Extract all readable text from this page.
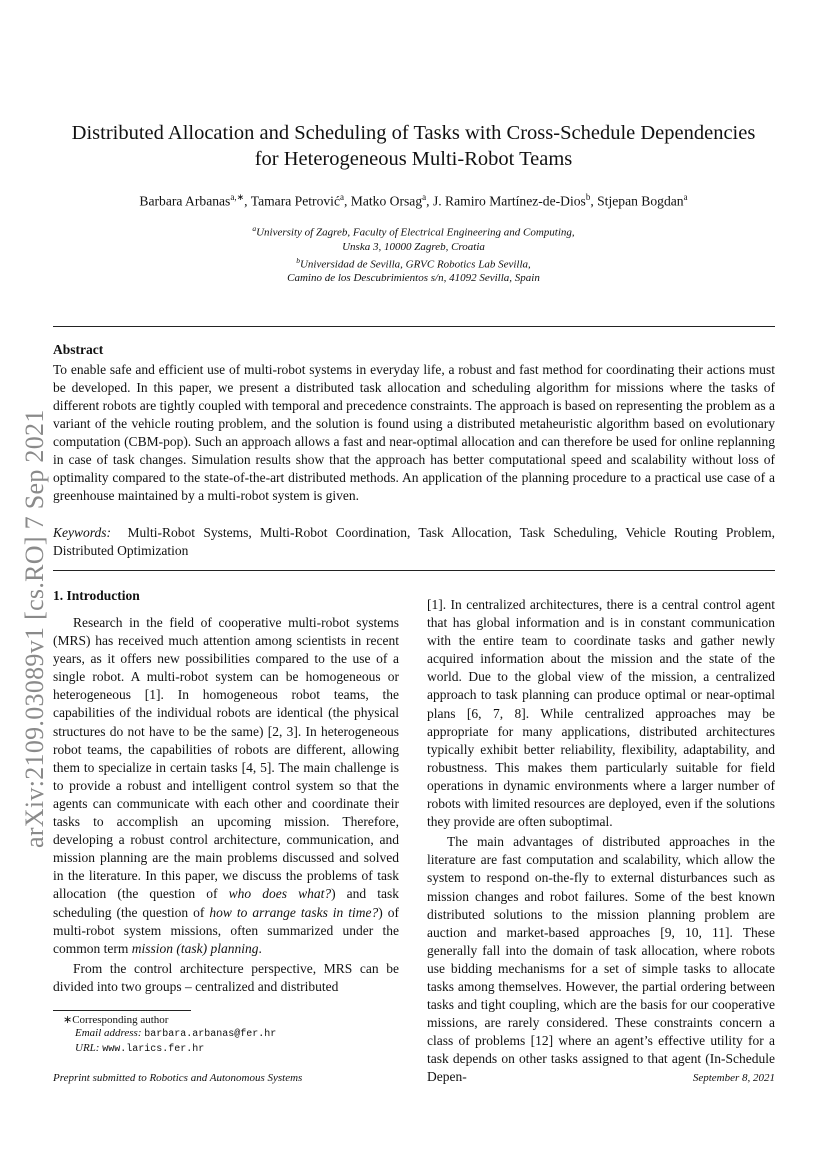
arXiv:2109.03089v1 [cs.RO] 7 Sep 2021
Distributed Allocation and Scheduling of Tasks with Cross-Schedule Dependencies
for Heterogeneous Multi-Robot Teams
Barbara Arbanas$^{a,∗}$, Tamara Petrović$^a$, Matko Orsag$^a$, J. Ramiro Martínez-de-Dios$^b$, Stjepan Bogdan$^a$
$^a$University of Zagreb, Faculty of Electrical Engineering and Computing,
Unska 3, 10000 Zagreb, Croatia
$^b$Universidad de Sevilla, GRVC Robotics Lab Sevilla,
Camino de los Descubrimientos s/n, 41092 Sevilla, Spain
Abstract
To enable safe and efficient use of multi-robot systems in everyday life, a robust and fast method for coordinating their actions must be developed. In this paper, we present a distributed task allocation and scheduling algorithm for missions where the tasks of different robots are tightly coupled with temporal and precedence constraints. The approach is based on representing the problem as a variant of the vehicle routing problem, and the solution is found using a distributed metaheuristic algorithm based on evolutionary computation (CBM-pop). Such an approach allows a fast and near-optimal allocation and can therefore be used for online replanning in case of task changes. Simulation results show that the approach has better computational speed and scalability without loss of optimality compared to the state-of-the-art distributed methods. An application of the planning procedure to a practical use case of a greenhouse maintained by a multi-robot system is given.
Keywords: Multi-Robot Systems, Multi-Robot Coordination, Task Allocation, Task Scheduling, Vehicle Routing Problem, Distributed Optimization
1. Introduction

Research in the field of cooperative multi-robot systems (MRS) has received much attention among scientists in recent years, as it offers new possibilities compared to the use of a single robot. A multi-robot system can be homogeneous or heterogeneous [1]. In homogeneous robot teams, the capabilities of the individual robots are identical (the physical structures do not have to be the same) [2, 3]. In heterogeneous robot teams, the capabilities of robots are different, allowing them to specialize in certain tasks [4, 5]. The main challenge is to provide a robust and intelligent control system so that the agents can communicate with each other and coordinate their tasks to accomplish an upcoming mission. Therefore, developing a robust control architecture, communication, and mission planning are the main problems discussed and solved in the literature. In this paper, we discuss the problems of task allocation (the question of who does what?) and task scheduling (the question of how to arrange tasks in time?) of multi-robot system missions, often summarized under the common term mission (task) planning.

From the control architecture perspective, MRS can be divided into two groups – centralized and distributed

[1]. In centralized architectures, there is a central control agent that has global information and is in constant communication with the entire team to coordinate tasks and gather newly acquired information about the mission and the state of the world. Due to the global view of the mission, a centralized approach to task planning can produce optimal or near-optimal plans [6, 7, 8]. While centralized approaches may be appropriate for many applications, distributed architectures typically exhibit better reliability, flexibility, adaptability, and robustness. This makes them particularly suitable for field operations in dynamic environments where a larger number of robots with limited resources are deployed, even if the solutions they provide are often suboptimal.

The main advantages of distributed approaches in the literature are fast computation and scalability, which allow the system to respond on-the-fly to external disturbances such as mission changes and robot failures. Some of the best known distributed solutions to the mission planning problem are auction and market-based approaches [9, 10, 11]. These generally fall into the domain of task allocation, where robots use bidding mechanisms for a set of simple tasks to allocate tasks among themselves. However, the partial ordering between tasks and tight coupling, which are the basis for our cooperative missions, are rarely considered. These constraints concern a class of problems [12] where an agent’s effective utility for a task depends on other tasks assigned to that agent (In-Schedule Depen-

∗Corresponding author
Email address: barbara.arbanas@fer.hr
URL: www.larics.fer.hr
Preprint submitted to Robotics and Autonomous Systems	September 8, 2021
